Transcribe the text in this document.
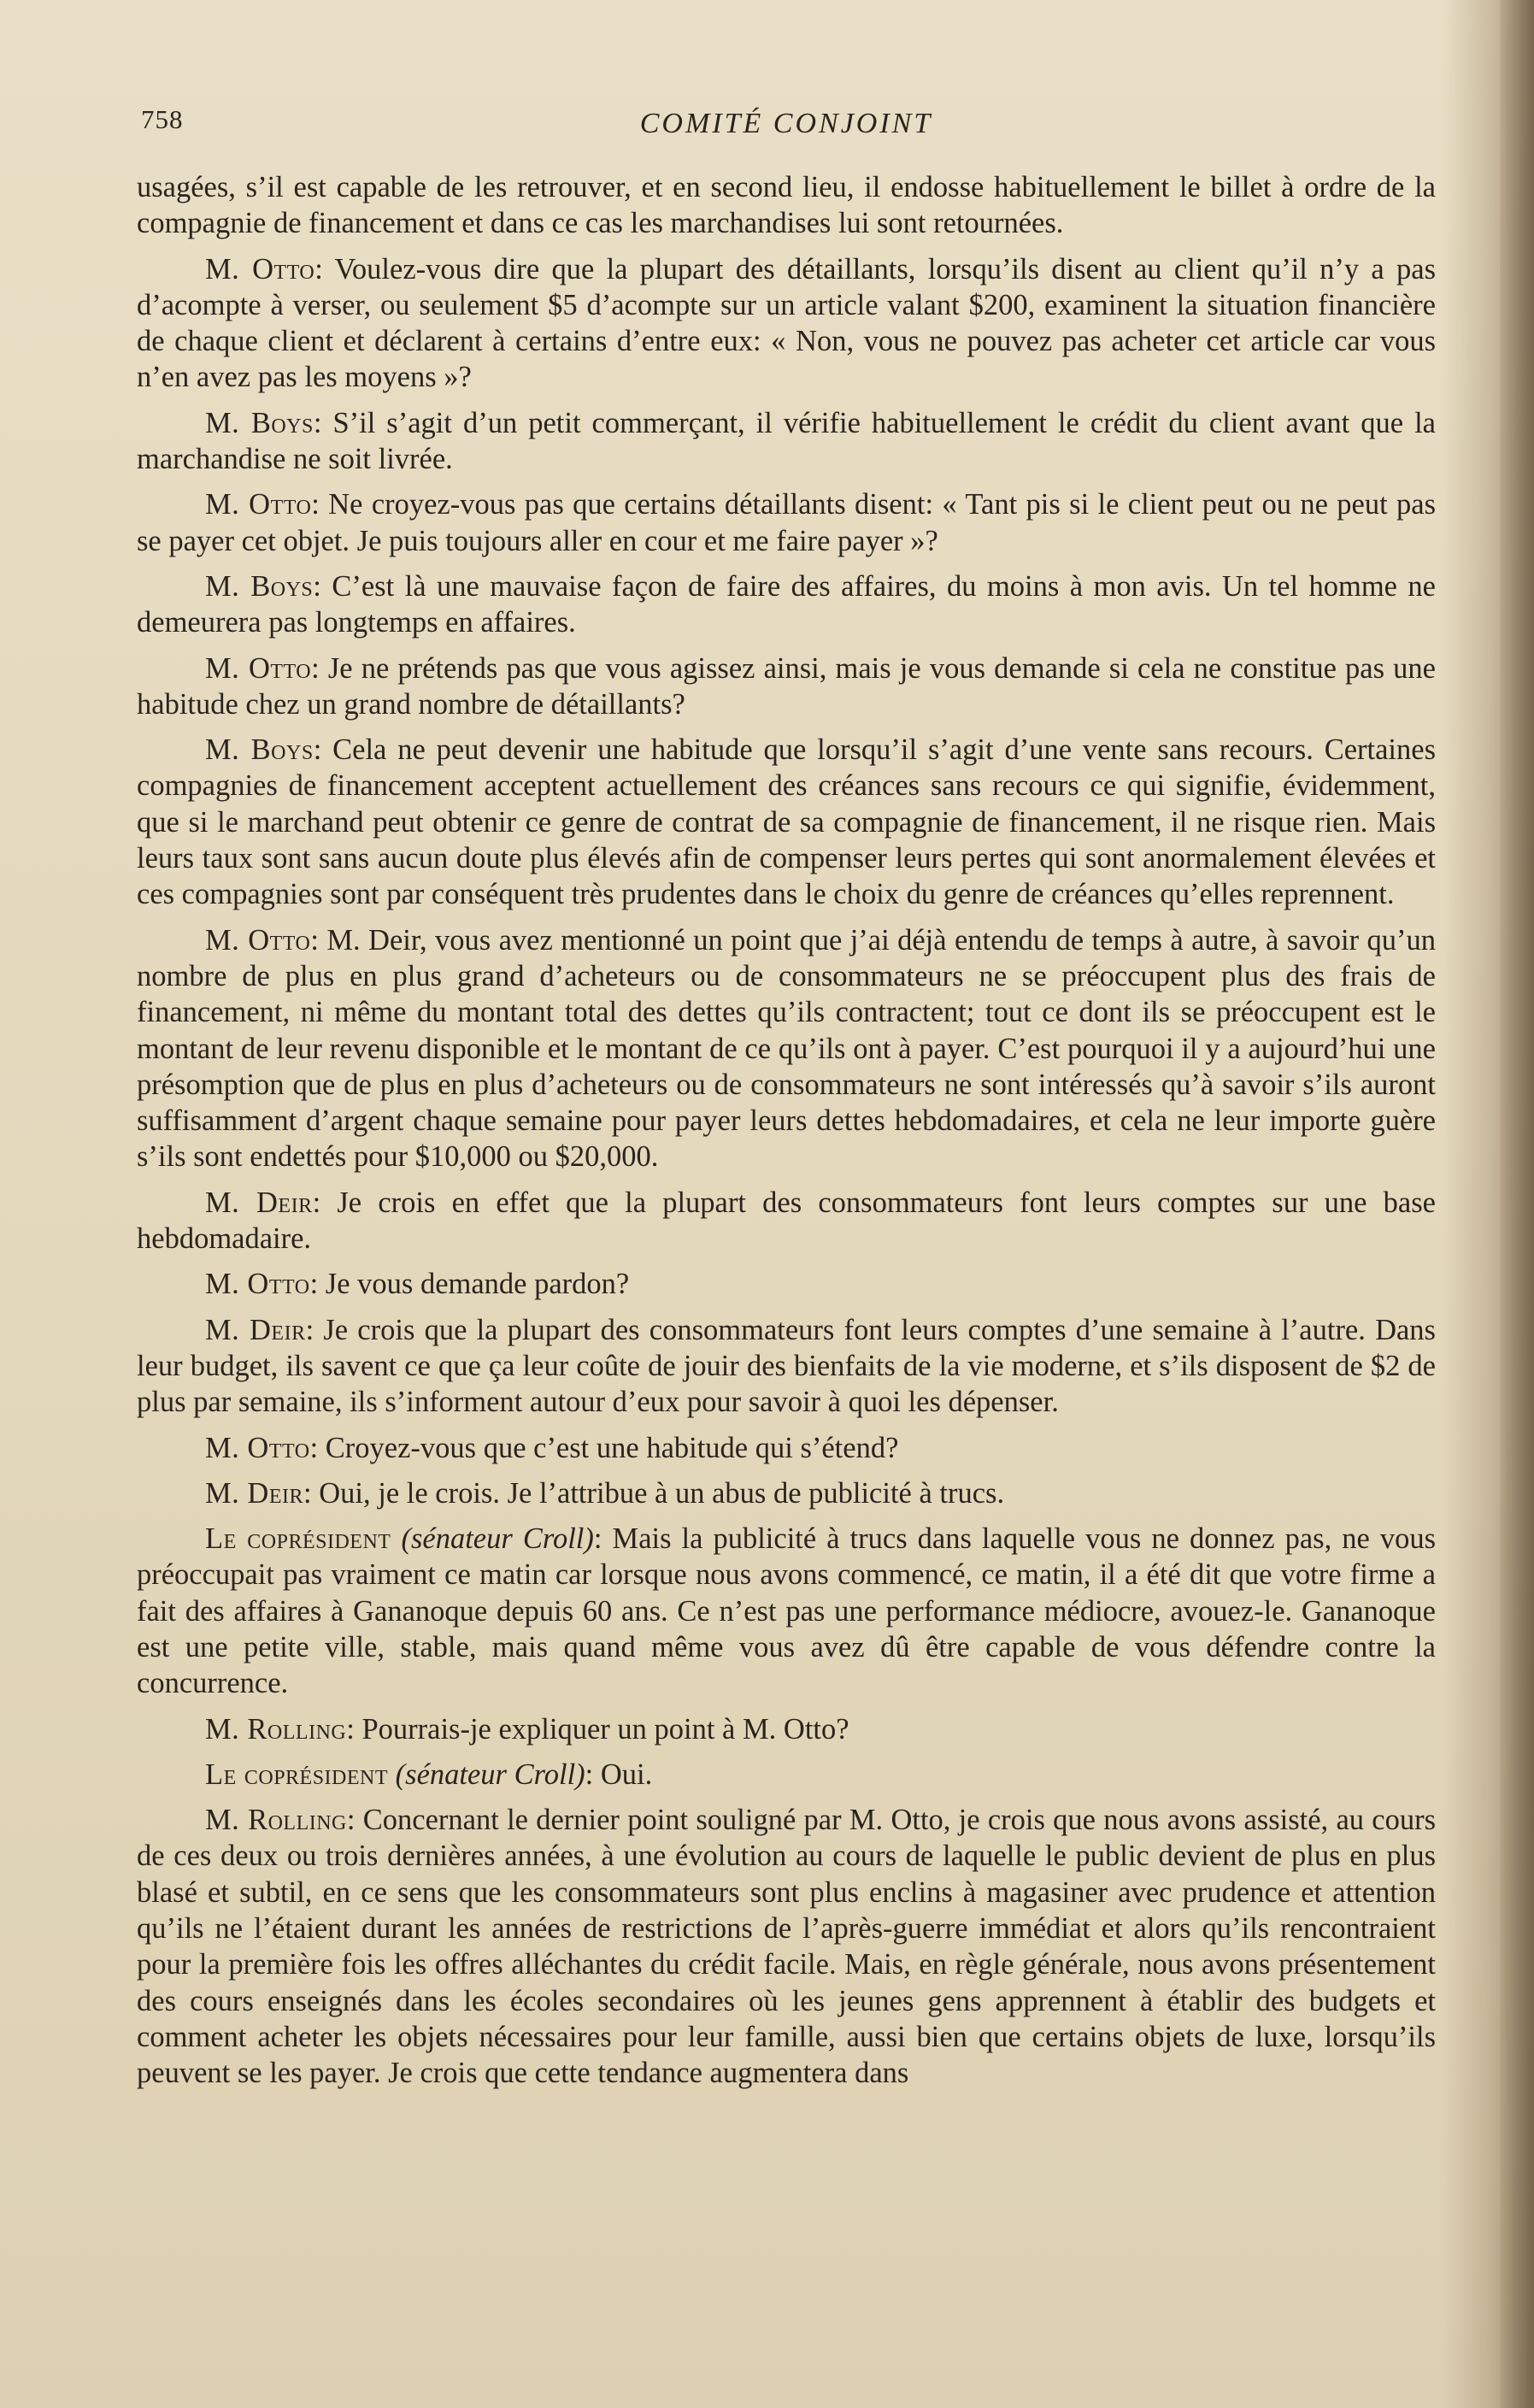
758	COMITÉ CONJOINT

usagées, s’il est capable de les retrouver, et en second lieu, il endosse habituellement le billet à ordre de la compagnie de financement et dans ce cas les marchandises lui sont retournées.

M. Otto: Voulez-vous dire que la plupart des détaillants, lorsqu’ils disent au client qu’il n’y a pas d’acompte à verser, ou seulement $5 d’acompte sur un article valant $200, examinent la situation financière de chaque client et déclarent à certains d’entre eux: « Non, vous ne pouvez pas acheter cet article car vous n’en avez pas les moyens »?

M. Boys: S’il s’agit d’un petit commerçant, il vérifie habituellement le crédit du client avant que la marchandise ne soit livrée.

M. Otto: Ne croyez-vous pas que certains détaillants disent: « Tant pis si le client peut ou ne peut pas se payer cet objet. Je puis toujours aller en cour et me faire payer »?

M. Boys: C’est là une mauvaise façon de faire des affaires, du moins à mon avis. Un tel homme ne demeurera pas longtemps en affaires.

M. Otto: Je ne prétends pas que vous agissez ainsi, mais je vous demande si cela ne constitue pas une habitude chez un grand nombre de détaillants?

M. Boys: Cela ne peut devenir une habitude que lorsqu’il s’agit d’une vente sans recours. Certaines compagnies de financement acceptent actuellement des créances sans recours ce qui signifie, évidemment, que si le marchand peut obtenir ce genre de contrat de sa compagnie de financement, il ne risque rien. Mais leurs taux sont sans aucun doute plus élevés afin de compenser leurs pertes qui sont anormalement élevées et ces compagnies sont par conséquent très prudentes dans le choix du genre de créances qu’elles reprennent.

M. Otto: M. Deir, vous avez mentionné un point que j’ai déjà entendu de temps à autre, à savoir qu’un nombre de plus en plus grand d’acheteurs ou de consommateurs ne se préoccupent plus des frais de financement, ni même du montant total des dettes qu’ils contractent; tout ce dont ils se préoccupent est le montant de leur revenu disponible et le montant de ce qu’ils ont à payer. C’est pourquoi il y a aujourd’hui une présomption que de plus en plus d’acheteurs ou de consommateurs ne sont intéressés qu’à savoir s’ils auront suffisamment d’argent chaque semaine pour payer leurs dettes hebdomadaires, et cela ne leur importe guère s’ils sont endettés pour $10,000 ou $20,000.

M. Deir: Je crois en effet que la plupart des consommateurs font leurs comptes sur une base hebdomadaire.

M. Otto: Je vous demande pardon?

M. Deir: Je crois que la plupart des consommateurs font leurs comptes d’une semaine à l’autre. Dans leur budget, ils savent ce que ça leur coûte de jouir des bienfaits de la vie moderne, et s’ils disposent de $2 de plus par semaine, ils s’informent autour d’eux pour savoir à quoi les dépenser.

M. Otto: Croyez-vous que c’est une habitude qui s’étend?

M. Deir: Oui, je le crois. Je l’attribue à un abus de publicité à trucs.

Le coprésident (sénateur Croll): Mais la publicité à trucs dans laquelle vous ne donnez pas, ne vous préoccupait pas vraiment ce matin car lorsque nous avons commencé, ce matin, il a été dit que votre firme a fait des affaires à Gananoque depuis 60 ans. Ce n’est pas une performance médiocre, avouez-le. Gananoque est une petite ville, stable, mais quand même vous avez dû être capable de vous défendre contre la concurrence.

M. Rolling: Pourrais-je expliquer un point à M. Otto?

Le coprésident (sénateur Croll): Oui.

M. Rolling: Concernant le dernier point souligné par M. Otto, je crois que nous avons assisté, au cours de ces deux ou trois dernières années, à une évolution au cours de laquelle le public devient de plus en plus blasé et subtil, en ce sens que les consommateurs sont plus enclins à magasiner avec prudence et attention qu’ils ne l’étaient durant les années de restrictions de l’après-guerre immédiat et alors qu’ils rencontraient pour la première fois les offres alléchantes du crédit facile. Mais, en règle générale, nous avons présentement des cours enseignés dans les écoles secondaires où les jeunes gens apprennent à établir des budgets et comment acheter les objets nécessaires pour leur famille, aussi bien que certains objets de luxe, lorsqu’ils peuvent se les payer. Je crois que cette tendance augmentera dans
